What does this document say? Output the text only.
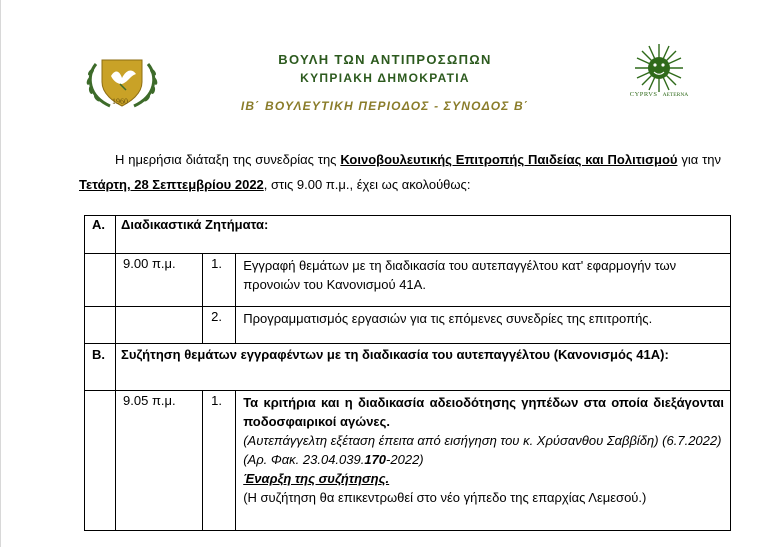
1960
ΒΟΥΛΗ ΤΩΝ ΑΝΤΙΠΡΟΣΩΠΩΝ
ΚΥΠΡΙΑΚΗ ΔΗΜΟΚΡΑΤΙΑ
ΙΒ΄ ΒΟΥΛΕΥΤΙΚΗ ΠΕΡΙΟΔΟΣ - ΣΥΝΟΔΟΣ Β΄
CYPRVS AETERNA

Η ημερήσια διάταξη της συνεδρίας της Κοινοβουλευτικής Επιτροπής Παιδείας και Πολιτισμού για την Τετάρτη, 28 Σεπτεμβρίου 2022, στις 9.00 π.μ., έχει ως ακολούθως:

Α.	Διαδικαστικά Ζητήματα:		
	9.00 π.μ.	1.	Εγγραφή θεμάτων με τη διαδικασία του αυτεπαγγέλτου κατ' εφαρμογήν των προνοιών του Κανονισμού 41Α.
		2.	Προγραμματισμός εργασιών για τις επόμενες συνεδρίες της επιτροπής.
Β.	Συζήτηση θεμάτων εγγραφέντων με τη διαδικασία του αυτεπαγγέλτου (Κανονισμός 41Α):		
	9.05 π.μ.	1.	Τα κριτήρια και η διαδικασία αδειοδότησης γηπέδων στα οποία διεξάγονται ποδοσφαιρικοί αγώνες.
(Αυτεπάγγελτη εξέταση έπειτα από εισήγηση του κ. Χρύσανθου Σαββίδη) (6.7.2022)
(Αρ. Φακ. 23.04.039.170-2022)
Έναρξη της συζήτησης.
(Η συζήτηση θα επικεντρωθεί στο νέο γήπεδο της επαρχίας Λεμεσού.)
